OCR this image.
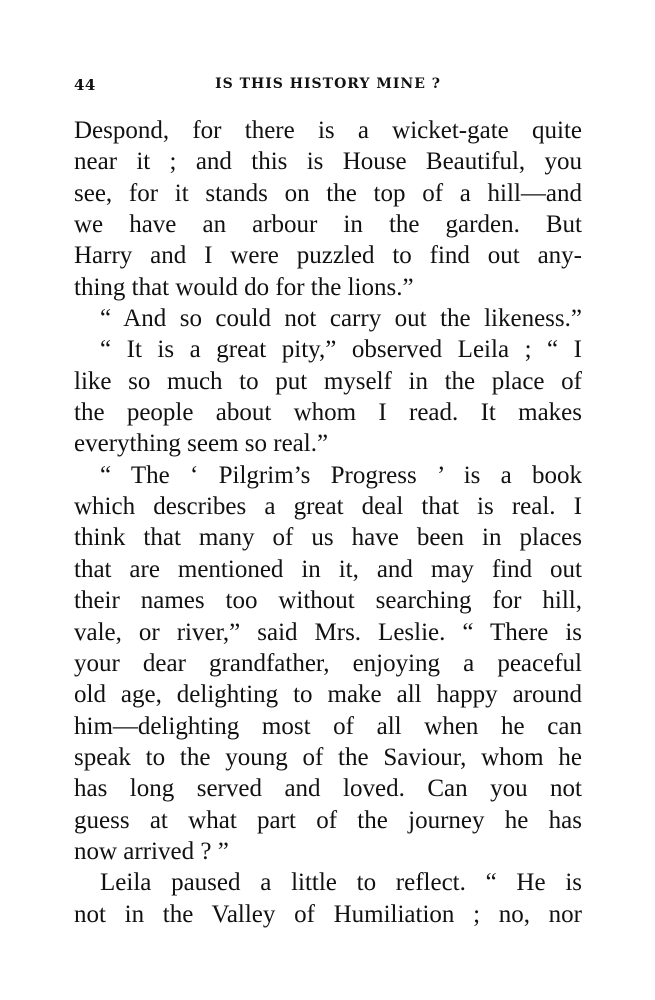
44	IS THIS HISTORY MINE ?
Despond, for there is a wicket-gate quite
near it ; and this is House Beautiful, you
see, for it stands on the top of a hill—and
we have an arbour in the garden. But
Harry and I were puzzled to find out any-
thing that would do for the lions.”
“ And so could not carry out the likeness.”
“ It is a great pity,” observed Leila ; “ I
like so much to put myself in the place of
the people about whom I read. It makes
everything seem so real.”
“ The ‘ Pilgrim’s Progress ’ is a book
which describes a great deal that is real. I
think that many of us have been in places
that are mentioned in it, and may find out
their names too without searching for hill,
vale, or river,” said Mrs. Leslie. “ There is
your dear grandfather, enjoying a peaceful
old age, delighting to make all happy around
him—delighting most of all when he can
speak to the young of the Saviour, whom he
has long served and loved. Can you not
guess at what part of the journey he has
now arrived ? ”
Leila paused a little to reflect. “ He is
not in the Valley of Humiliation ; no, nor
